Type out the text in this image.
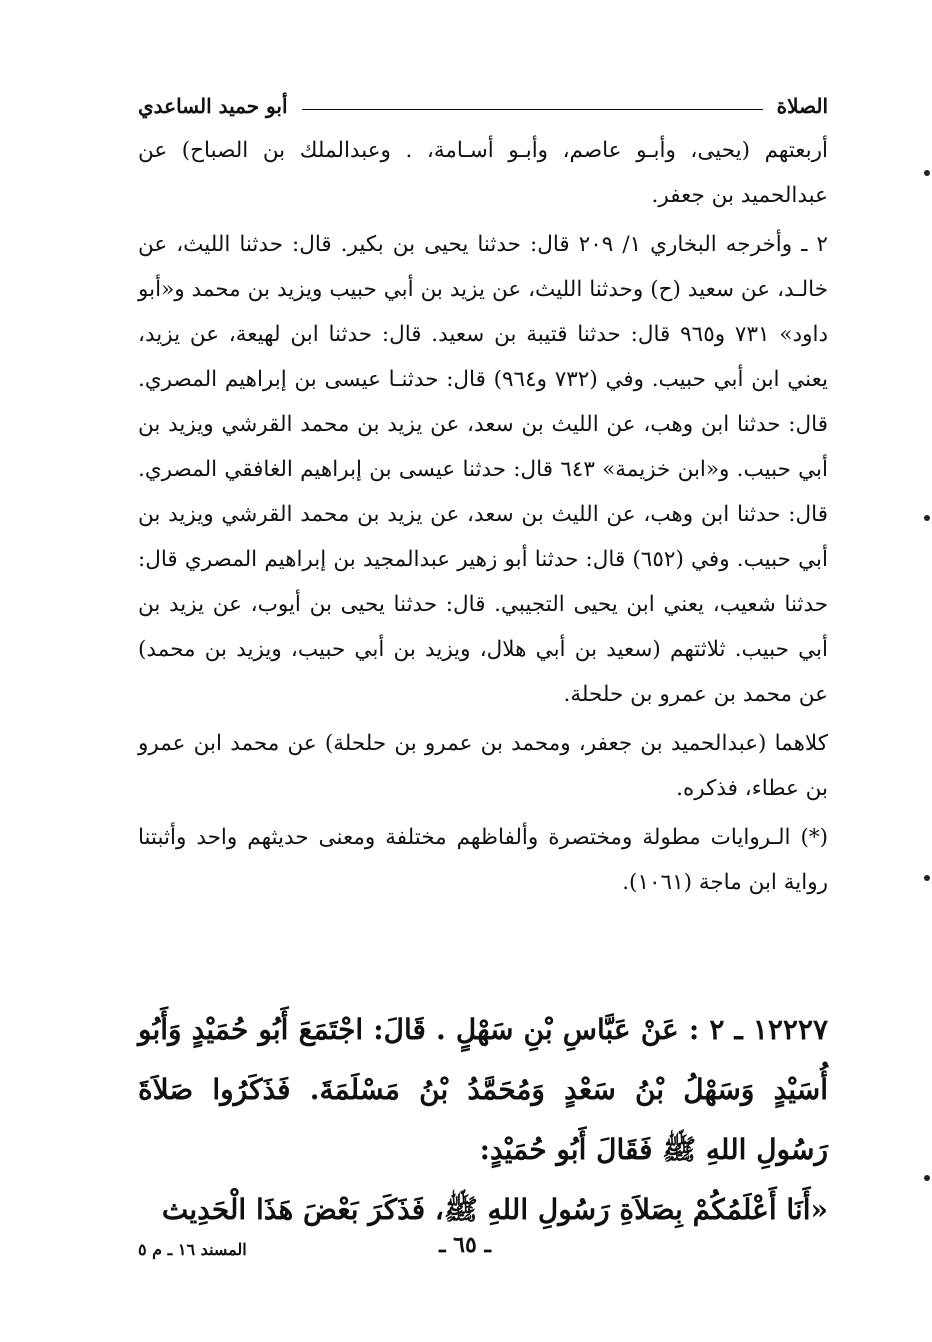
الصلاة
أبو حميد الساعدي

أربعتهم (يحيى، وأبـو عاصم، وأبـو أسـامة، . وعبدالملك بن الصباح) عن عبدالحميد بن جعفر.

٢ ـ وأخرجه البخاري ١/ ٢٠٩ قال: حدثنا يحيى بن بكير. قال: حدثنا الليث، عن خالـد، عن سعيد (ح) وحدثنا الليث، عن يزيد بن أبي حبيب ويزيد بن محمد و«أبو داود» ٧٣١ و٩٦٥ قال: حدثنا قتيبة بن سعيد. قال: حدثنا ابن لهيعة، عن يزيد، يعني ابن أبي حبيب. وفي (٧٣٢ و٩٦٤) قال: حدثنـا عيسى بن إبراهيم المصري. قال: حدثنا ابن وهب، عن الليث بن سعد، عن يزيد بن محمد القرشي ويزيد بن أبي حبيب. و«ابن خزيمة» ٦٤٣ قال: حدثنا عيسى بن إبراهيم الغافقي المصري. قال: حدثنا ابن وهب، عن الليث بن سعد، عن يزيد بن محمد القرشي ويزيد بن أبي حبيب. وفي (٦٥٢) قال: حدثنا أبو زهير عبدالمجيد بن إبراهيم المصري قال: حدثنا شعيب، يعني ابن يحيى التجيبي. قال: حدثنا يحيى بن أيوب، عن يزيد بن أبي حبيب. ثلاثتهم (سعيد بن أبي هلال، ويزيد بن أبي حبيب، ويزيد بن محمد) عن محمد بن عمرو بن حلحلة.

كلاهما (عبدالحميد بن جعفر، ومحمد بن عمرو بن حلحلة) عن محمد ابن عمرو بن عطاء، فذكره.

(*) الـروايات مطولة ومختصرة وألفاظهم مختلفة ومعنى حديثهم واحد وأثبتنا رواية ابن ماجة (١٠٦١).

١٢٢٢٧ ـ ٢ : عَنْ عَبَّاسِ بْنِ سَهْلٍ . قَالَ: اجْتَمَعَ أَبُو حُمَيْدٍ وَأَبُو أُسَيْدٍ وَسَهْلُ بْنُ سَعْدٍ وَمُحَمَّدُ بْنُ مَسْلَمَةَ. فَذَكَرُوا صَلاَةَ رَسُولِ اللهِ ﷺ فَقَالَ أَبُو حُمَيْدٍ:

«أَنَا أَعْلَمُكُمْ بِصَلاَةِ رَسُولِ اللهِ ﷺ، فَذَكَرَ بَعْضَ هَذَا الْحَدِيث

ـ ٦٥ ـ
المسند ١٦ ـ م ٥
